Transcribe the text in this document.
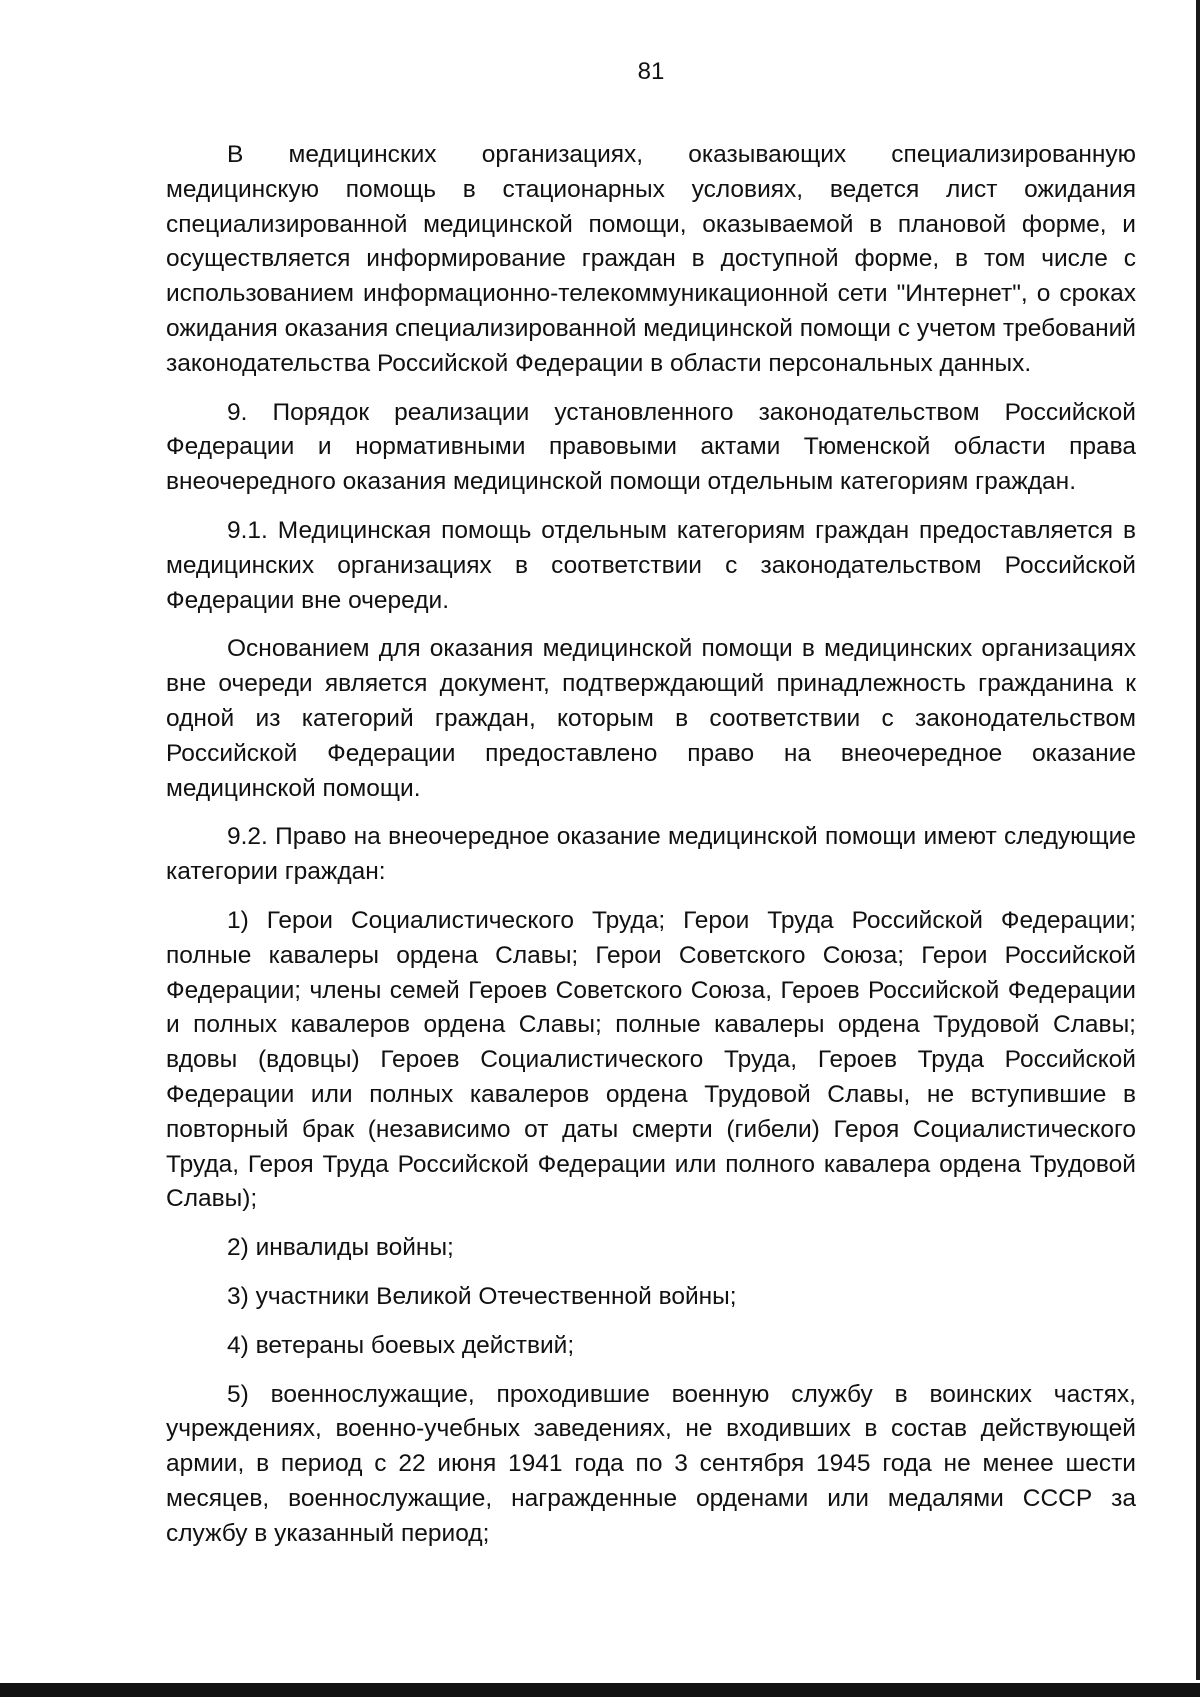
81

В медицинских организациях, оказывающих специализированную медицинскую помощь в стационарных условиях, ведется лист ожидания специализированной медицинской помощи, оказываемой в плановой форме, и осуществляется информирование граждан в доступной форме, в том числе с использованием информационно-телекоммуникационной сети "Интернет", о сроках ожидания оказания специализированной медицинской помощи с учетом требований законодательства Российской Федерации в области персональных данных.

9. Порядок реализации установленного законодательством Российской Федерации и нормативными правовыми актами Тюменской области права внеочередного оказания медицинской помощи отдельным категориям граждан.

9.1. Медицинская помощь отдельным категориям граждан предоставляется в медицинских организациях в соответствии с законодательством Российской Федерации вне очереди.

Основанием для оказания медицинской помощи в медицинских организациях вне очереди является документ, подтверждающий принадлежность гражданина к одной из категорий граждан, которым в соответствии с законодательством Российской Федерации предоставлено право на внеочередное оказание медицинской помощи.

9.2. Право на внеочередное оказание медицинской помощи имеют следующие категории граждан:

1) Герои Социалистического Труда; Герои Труда Российской Федерации; полные кавалеры ордена Славы; Герои Советского Союза; Герои Российской Федерации; члены семей Героев Советского Союза, Героев Российской Федерации и полных кавалеров ордена Славы; полные кавалеры ордена Трудовой Славы; вдовы (вдовцы) Героев Социалистического Труда, Героев Труда Российской Федерации или полных кавалеров ордена Трудовой Славы, не вступившие в повторный брак (независимо от даты смерти (гибели) Героя Социалистического Труда, Героя Труда Российской Федерации или полного кавалера ордена Трудовой Славы);

2) инвалиды войны;

3) участники Великой Отечественной войны;

4) ветераны боевых действий;

5) военнослужащие, проходившие военную службу в воинских частях, учреждениях, военно-учебных заведениях, не входивших в состав действующей армии, в период с 22 июня 1941 года по 3 сентября 1945 года не менее шести месяцев, военнослужащие, награжденные орденами или медалями СССР за службу в указанный период;
